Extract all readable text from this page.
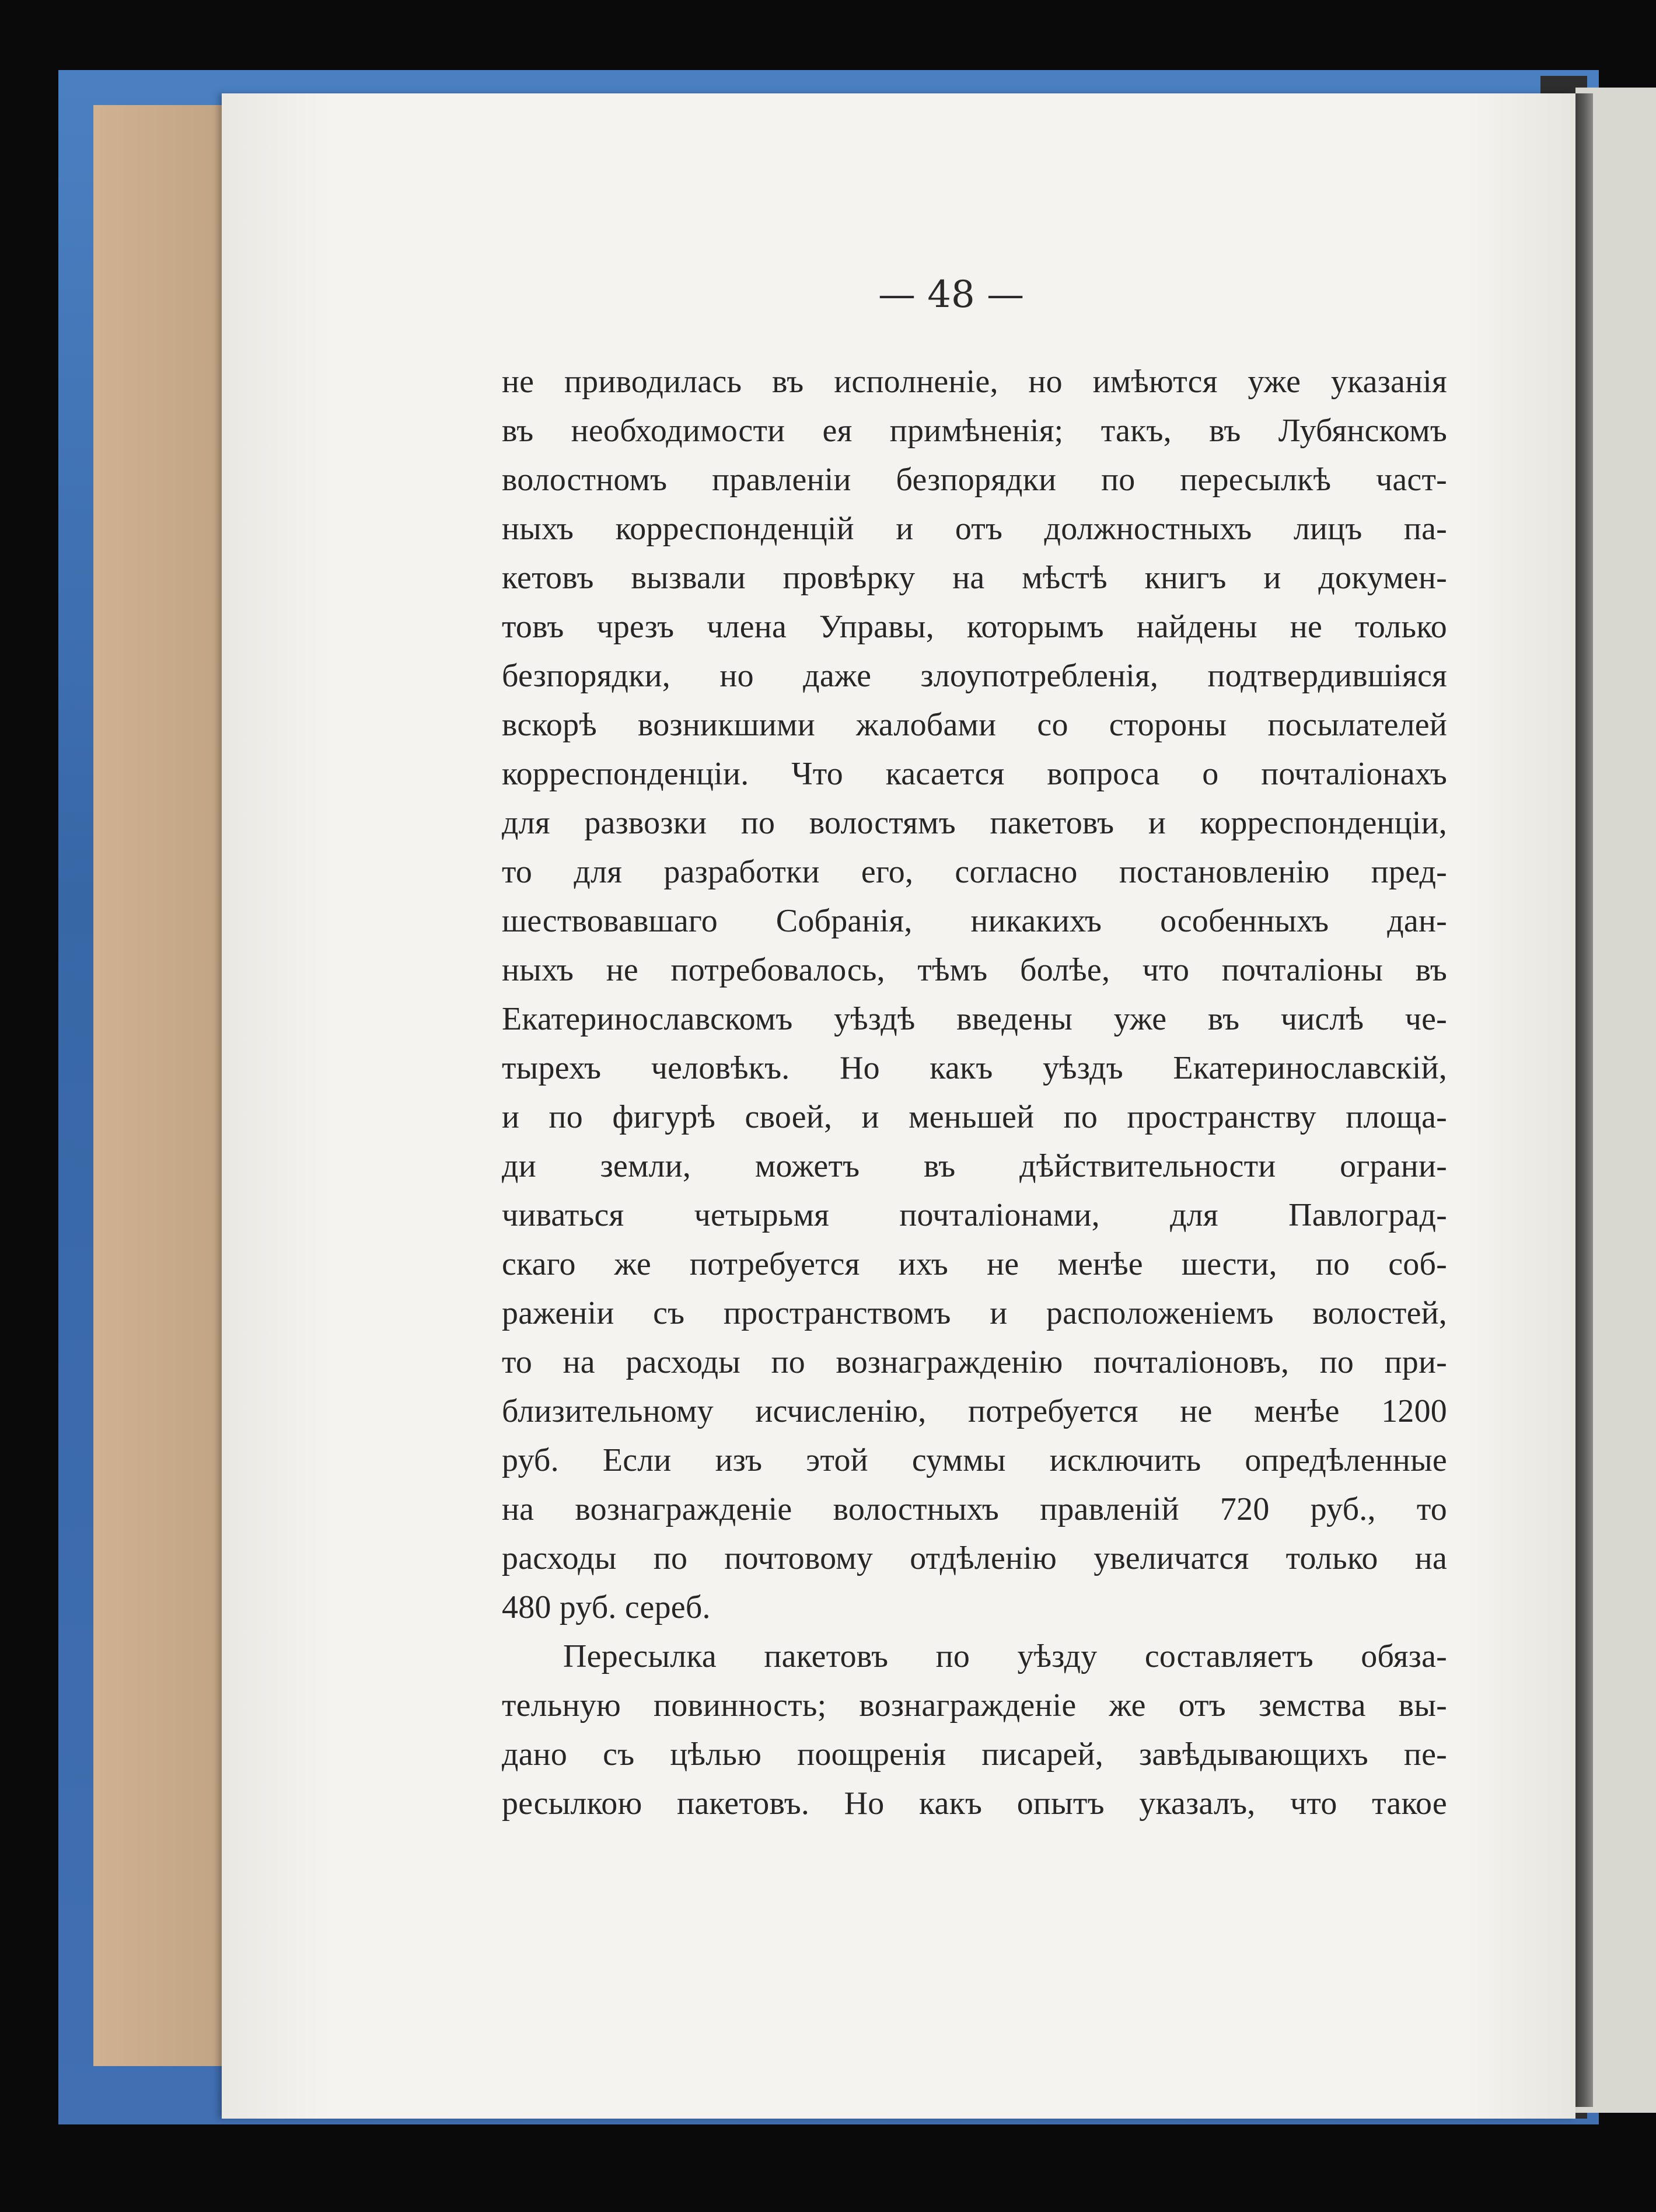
— 48 —
не приводилась въ исполненіе, но имѣются уже указанія
въ необходимости ея примѣненія; такъ, въ Лубянскомъ
волостномъ правленіи безпорядки по пересылкѣ част-
ныхъ корреспонденцій и отъ должностныхъ лицъ па-
кетовъ вызвали провѣрку на мѣстѣ книгъ и докумен-
товъ чрезъ члена Управы, которымъ найдены не только
безпорядки, но даже злоупотребленія, подтвердившіяся
вскорѣ возникшими жалобами со стороны посылателей
корреспонденціи. Что касается вопроса о почталіонахъ
для развозки по волостямъ пакетовъ и корреспонденціи,
то для разработки его, согласно постановленію пред-
шествовавшаго Собранія, никакихъ особенныхъ дан-
ныхъ не потребовалось, тѣмъ болѣе, что почталіоны въ
Екатеринославскомъ уѣздѣ введены уже въ числѣ че-
тырехъ человѣкъ. Но какъ уѣздъ Екатеринославскій,
и по фигурѣ своей, и меньшей по пространству площа-
ди земли, можетъ въ дѣйствительности ограни-
чиваться четырьмя почталіонами, для Павлоград-
скаго же потребуется ихъ не менѣе шести, по соб-
раженіи съ пространствомъ и расположеніемъ волостей,
то на расходы по вознагражденію почталіоновъ, по при-
близительному исчисленію, потребуется не менѣе 1200
руб. Если изъ этой суммы исключить опредѣленные
на вознагражденіе волостныхъ правленій 720 руб., то
расходы по почтовому отдѣленію увеличатся только на
480 руб. сереб.
Пересылка пакетовъ по уѣзду составляетъ обяза-
тельную повинность; вознагражденіе же отъ земства вы-
дано съ цѣлью поощренія писарей, завѣдывающихъ пе-
ресылкою пакетовъ. Но какъ опытъ указалъ, что такое
